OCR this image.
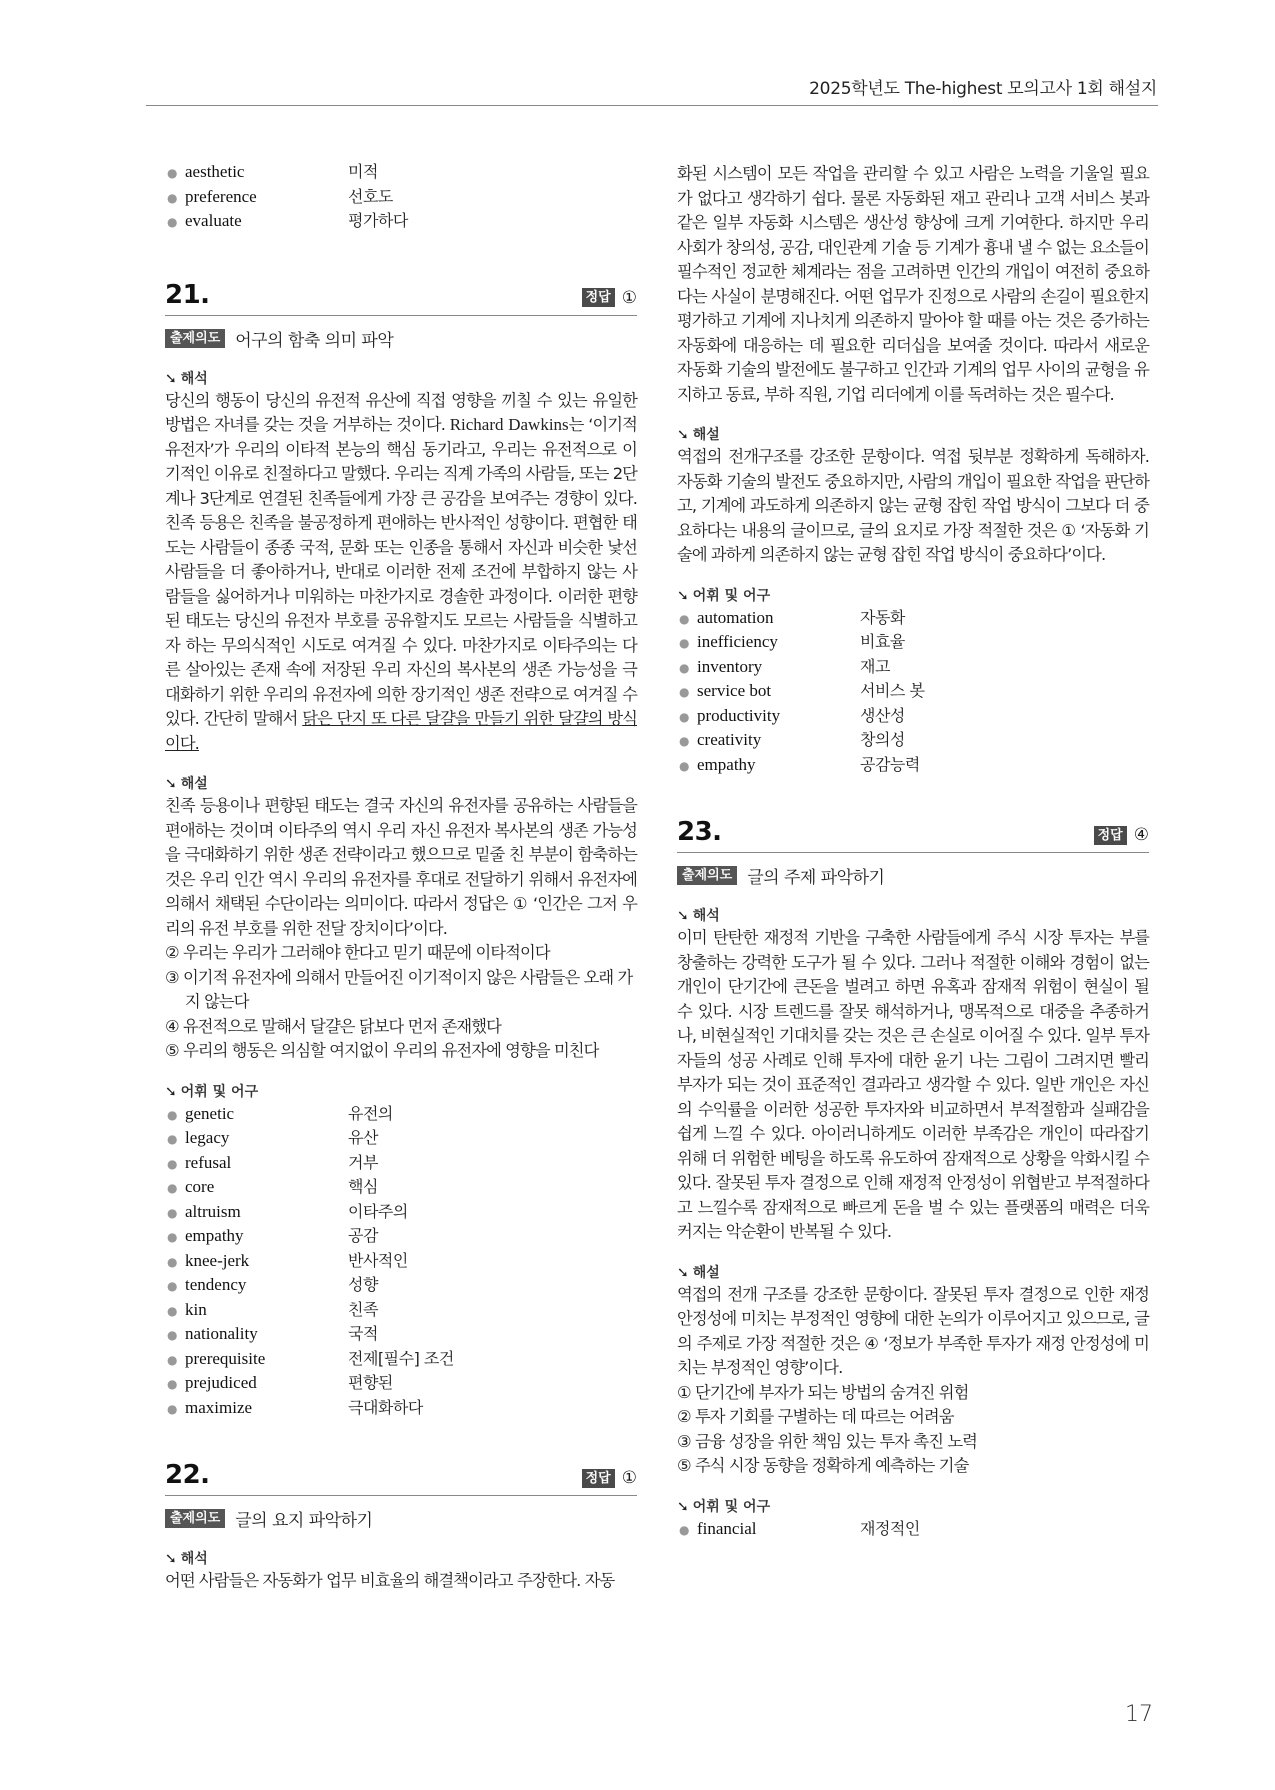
2025학년도 The-highest 모의고사 1회 해설지
● aesthetic	미적
● preference	선호도
● evaluate	평가하다
21.	정답 ①
출제의도 어구의 함축 의미 파악
➘ 해석

당신의 행동이 당신의 유전적 유산에 직접 영향을 끼칠 수 있는 유일한 방법은 자녀를 갖는 것을 거부하는 것이다. Richard Dawkins는 ‘이기적 유전자’가 우리의 이타적 본능의 핵심 동기라고, 우리는 유전적으로 이기적인 이유로 친절하다고 말했다. 우리는 직계 가족의 사람들, 또는 2단계나 3단계로 연결된 친족들에게 가장 큰 공감을 보여주는 경향이 있다. 친족 등용은 친족을 불공정하게 편애하는 반사적인 성향이다. 편협한 태도는 사람들이 종종 국적, 문화 또는 인종을 통해서 자신과 비슷한 낯선 사람들을 더 좋아하거나, 반대로 이러한 전제 조건에 부합하지 않는 사람들을 싫어하거나 미워하는 마찬가지로 경솔한 과정이다. 이러한 편향된 태도는 당신의 유전자 부호를 공유할지도 모르는 사람들을 식별하고자 하는 무의식적인 시도로 여겨질 수 있다. 마찬가지로 이타주의는 다른 살아있는 존재 속에 저장된 우리 자신의 복사본의 생존 가능성을 극대화하기 위한 우리의 유전자에 의한 장기적인 생존 전략으로 여겨질 수 있다. 간단히 말해서 닭은 단지 또 다른 달걀을 만들기 위한 달걀의 방식이다.

➘ 해설

친족 등용이나 편향된 태도는 결국 자신의 유전자를 공유하는 사람들을 편애하는 것이며 이타주의 역시 우리 자신 유전자 복사본의 생존 가능성을 극대화하기 위한 생존 전략이라고 했으므로 밑줄 친 부분이 함축하는 것은 우리 인간 역시 우리의 유전자를 후대로 전달하기 위해서 유전자에 의해서 채택된 수단이라는 의미이다. 따라서 정답은 ① ‘인간은 그저 우리의 유전 부호를 위한 전달 장치이다’이다.

② 우리는 우리가 그러해야 한다고 믿기 때문에 이타적이다
③ 이기적 유전자에 의해서 만들어진 이기적이지 않은 사람들은 오래 가지 않는다
④ 유전적으로 말해서 달걀은 닭보다 먼저 존재했다
⑤ 우리의 행동은 의심할 여지없이 우리의 유전자에 영향을 미친다
➘ 어휘 및 어구
● genetic	유전의
● legacy	유산
● refusal	거부
● core	핵심
● altruism	이타주의
● empathy	공감
● knee-jerk	반사적인
● tendency	성향
● kin	친족
● nationality	국적
● prerequisite	전제[필수] 조건
● prejudiced	편향된
● maximize	극대화하다
22.	정답 ①
출제의도 글의 요지 파악하기
➘ 해석

어떤 사람들은 자동화가 업무 비효율의 해결책이라고 주장한다. 자동

화된 시스템이 모든 작업을 관리할 수 있고 사람은 노력을 기울일 필요가 없다고 생각하기 쉽다. 물론 자동화된 재고 관리나 고객 서비스 봇과 같은 일부 자동화 시스템은 생산성 향상에 크게 기여한다. 하지만 우리 사회가 창의성, 공감, 대인관계 기술 등 기계가 흉내 낼 수 없는 요소들이 필수적인 정교한 체계라는 점을 고려하면 인간의 개입이 여전히 중요하다는 사실이 분명해진다. 어떤 업무가 진정으로 사람의 손길이 필요한지 평가하고 기계에 지나치게 의존하지 말아야 할 때를 아는 것은 증가하는 자동화에 대응하는 데 필요한 리더십을 보여줄 것이다. 따라서 새로운 자동화 기술의 발전에도 불구하고 인간과 기계의 업무 사이의 균형을 유지하고 동료, 부하 직원, 기업 리더에게 이를 독려하는 것은 필수다.

➘ 해설

역접의 전개구조를 강조한 문항이다. 역접 뒷부분 정확하게 독해하자. 자동화 기술의 발전도 중요하지만, 사람의 개입이 필요한 작업을 판단하고, 기계에 과도하게 의존하지 않는 균형 잡힌 작업 방식이 그보다 더 중요하다는 내용의 글이므로, 글의 요지로 가장 적절한 것은 ① ‘자동화 기술에 과하게 의존하지 않는 균형 잡힌 작업 방식이 중요하다’이다.

➘ 어휘 및 어구
● automation	자동화
● inefficiency	비효율
● inventory	재고
● service bot	서비스 봇
● productivity	생산성
● creativity	창의성
● empathy	공감능력
23.	정답 ④
출제의도 글의 주제 파악하기
➘ 해석

이미 탄탄한 재정적 기반을 구축한 사람들에게 주식 시장 투자는 부를 창출하는 강력한 도구가 될 수 있다. 그러나 적절한 이해와 경험이 없는 개인이 단기간에 큰돈을 벌려고 하면 유혹과 잠재적 위험이 현실이 될 수 있다. 시장 트렌드를 잘못 해석하거나, 맹목적으로 대중을 추종하거나, 비현실적인 기대치를 갖는 것은 큰 손실로 이어질 수 있다. 일부 투자자들의 성공 사례로 인해 투자에 대한 윤기 나는 그림이 그려지면 빨리 부자가 되는 것이 표준적인 결과라고 생각할 수 있다. 일반 개인은 자신의 수익률을 이러한 성공한 투자자와 비교하면서 부적절함과 실패감을 쉽게 느낄 수 있다. 아이러니하게도 이러한 부족감은 개인이 따라잡기 위해 더 위험한 베팅을 하도록 유도하여 잠재적으로 상황을 악화시킬 수 있다. 잘못된 투자 결정으로 인해 재정적 안정성이 위협받고 부적절하다고 느낄수록 잠재적으로 빠르게 돈을 벌 수 있는 플랫폼의 매력은 더욱 커지는 악순환이 반복될 수 있다.

➘ 해설

역접의 전개 구조를 강조한 문항이다. 잘못된 투자 결정으로 인한 재정 안정성에 미치는 부정적인 영향에 대한 논의가 이루어지고 있으므로, 글의 주제로 가장 적절한 것은 ④ ‘정보가 부족한 투자가 재정 안정성에 미치는 부정적인 영향’이다.

① 단기간에 부자가 되는 방법의 숨겨진 위험
② 투자 기회를 구별하는 데 따르는 어려움
③ 금융 성장을 위한 책임 있는 투자 촉진 노력
⑤ 주식 시장 동향을 정확하게 예측하는 기술
➘ 어휘 및 어구
● financial	재정적인
17
